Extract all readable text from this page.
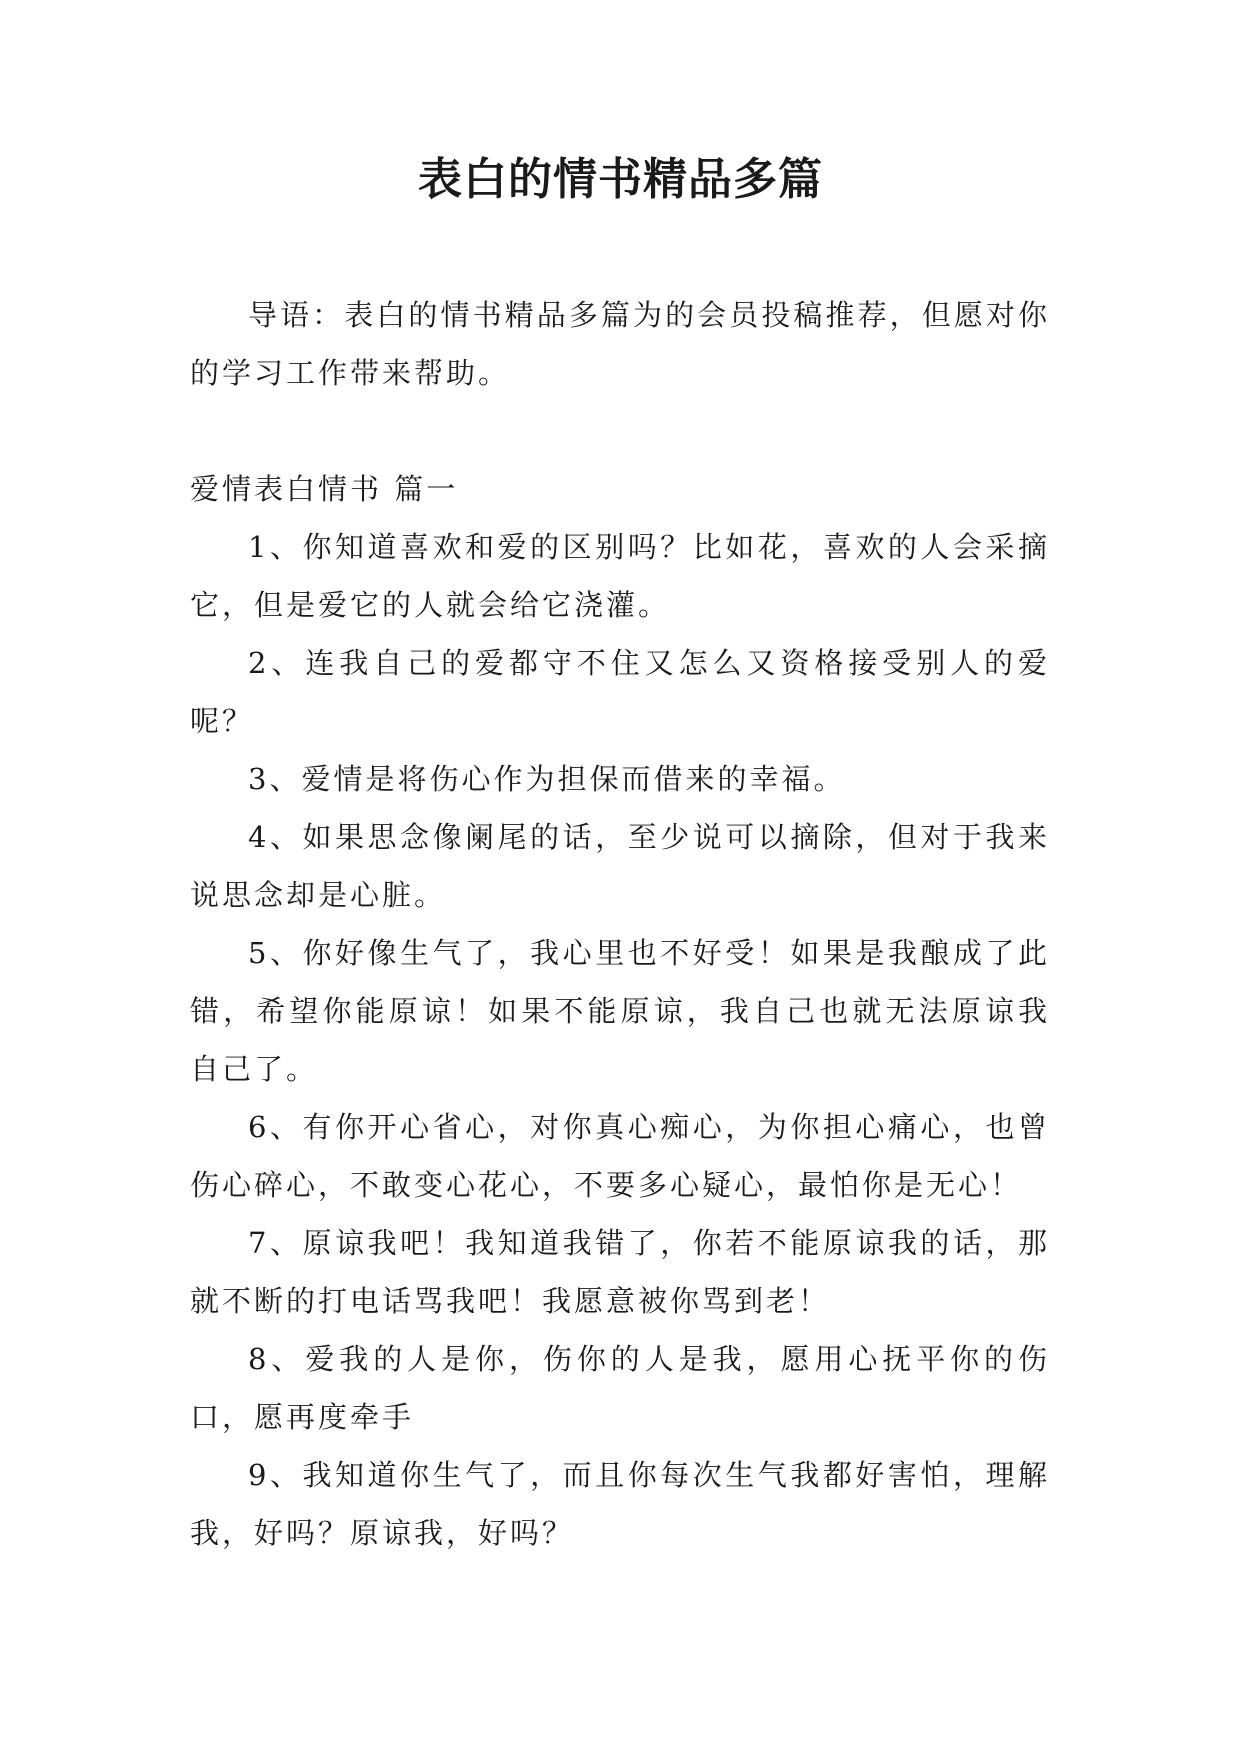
表白的情书精品多篇

导语：表白的情书精品多篇为的会员投稿推荐，但愿对你的学习工作带来帮助。

爱情表白情书 篇一

1、你知道喜欢和爱的区别吗？比如花，喜欢的人会采摘它，但是爱它的人就会给它浇灌。

2、连我自己的爱都守不住又怎么又资格接受别人的爱呢？

3、爱情是将伤心作为担保而借来的幸福。

4、如果思念像阑尾的话，至少说可以摘除，但对于我来说思念却是心脏。

5、你好像生气了，我心里也不好受！如果是我酿成了此错，希望你能原谅！如果不能原谅，我自己也就无法原谅我自己了。

6、有你开心省心，对你真心痴心，为你担心痛心，也曾伤心碎心，不敢变心花心，不要多心疑心，最怕你是无心！

7、原谅我吧！我知道我错了，你若不能原谅我的话，那就不断的打电话骂我吧！我愿意被你骂到老！

8、爱我的人是你，伤你的人是我，愿用心抚平你的伤口，愿再度牵手

9、我知道你生气了，而且你每次生气我都好害怕，理解我，好吗？原谅我，好吗？
